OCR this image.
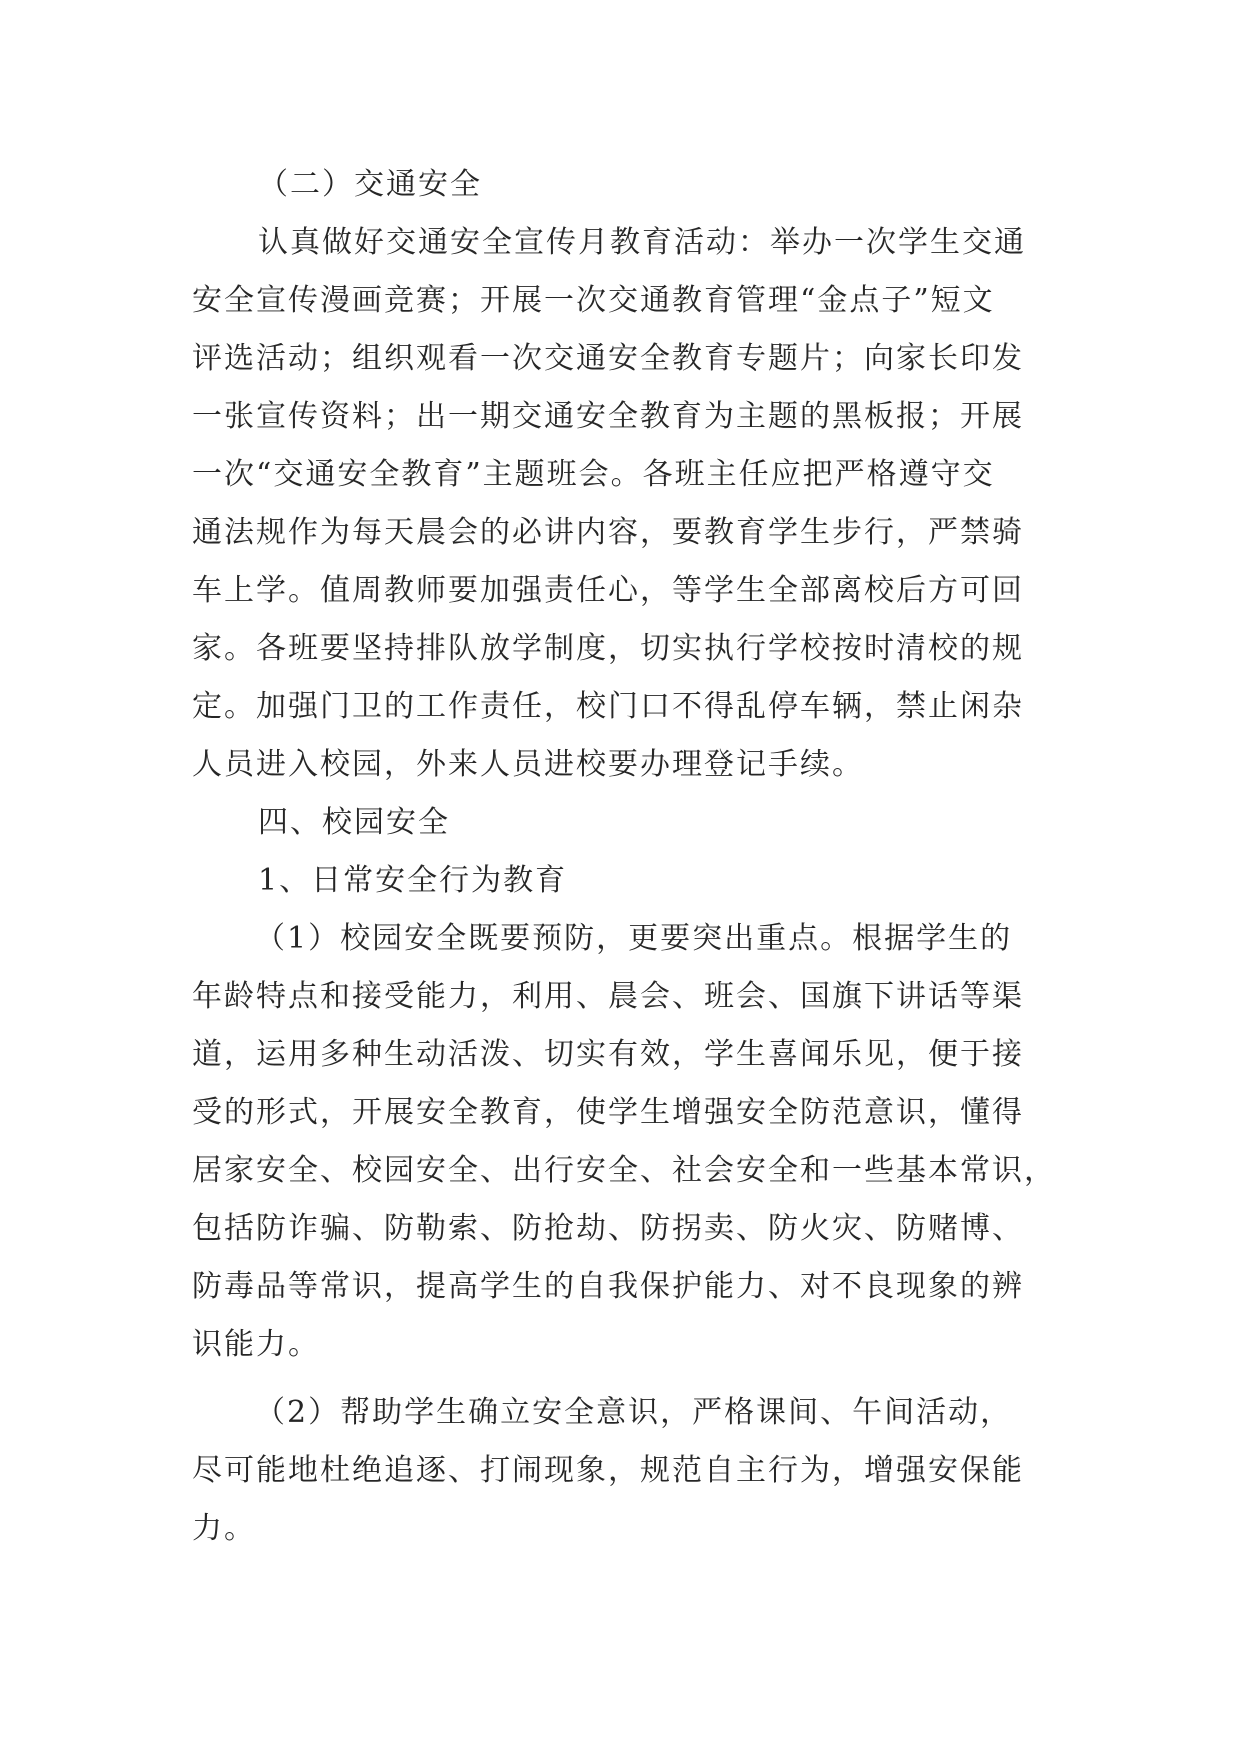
（二）交通安全
认真做好交通安全宣传月教育活动：举办一次学生交通
安全宣传漫画竞赛；开展一次交通教育管理“金点子”短文
评选活动；组织观看一次交通安全教育专题片；向家长印发
一张宣传资料；出一期交通安全教育为主题的黑板报；开展
一次“交通安全教育”主题班会。各班主任应把严格遵守交
通法规作为每天晨会的必讲内容，要教育学生步行，严禁骑
车上学。值周教师要加强责任心，等学生全部离校后方可回
家。各班要坚持排队放学制度，切实执行学校按时清校的规
定。加强门卫的工作责任，校门口不得乱停车辆，禁止闲杂
人员进入校园，外来人员进校要办理登记手续。
四、校园安全
1、日常安全行为教育
（1）校园安全既要预防，更要突出重点。根据学生的
年龄特点和接受能力，利用、晨会、班会、国旗下讲话等渠
道，运用多种生动活泼、切实有效，学生喜闻乐见，便于接
受的形式，开展安全教育，使学生增强安全防范意识，懂得
居家安全、校园安全、出行安全、社会安全和一些基本常识，
包括防诈骗、防勒索、防抢劫、防拐卖、防火灾、防赌博、
防毒品等常识，提高学生的自我保护能力、对不良现象的辨
识能力。
（2）帮助学生确立安全意识，严格课间、午间活动，
尽可能地杜绝追逐、打闹现象，规范自主行为，增强安保能
力。
